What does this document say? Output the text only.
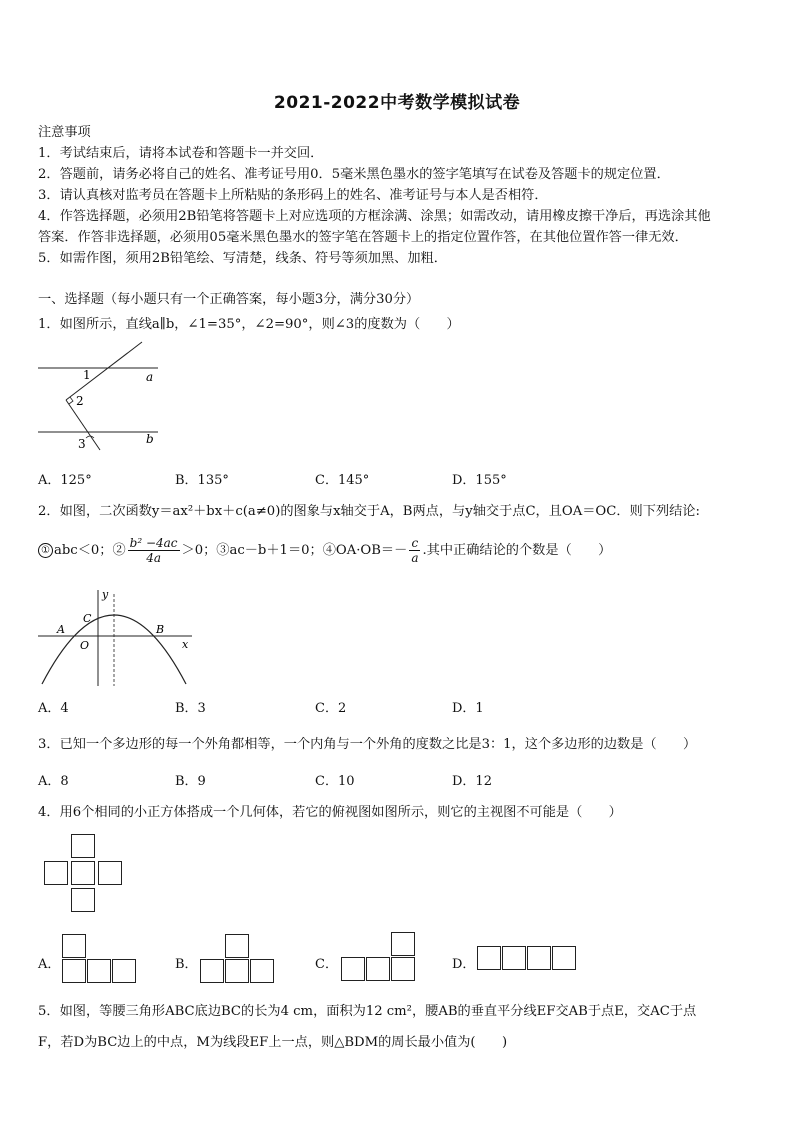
2021-2022中考数学模拟试卷
注意事项
1．考试结束后，请将本试卷和答题卡一并交回．
2．答题前，请务必将自己的姓名、准考证号用0．5毫米黑色墨水的签字笔填写在试卷及答题卡的规定位置．
3．请认真核对监考员在答题卡上所粘贴的条形码上的姓名、准考证号与本人是否相符．
4．作答选择题，必须用2B铅笔将答题卡上对应选项的方框涂满、涂黑；如需改动，请用橡皮擦干净后，再选涂其他
答案．作答非选择题，必须用05毫米黑色墨水的签字笔在答题卡上的指定位置作答，在其他位置作答一律无效．
5．如需作图，须用2B铅笔绘、写清楚，线条、符号等须加黑、加粗．
一、选择题（每小题只有一个正确答案，每小题3分，满分30分）
1．如图所示，直线a∥b，∠1=35°，∠2=90°，则∠3的度数为（　　）
1
2
3
a
b
A．125°	B．135°	C．145°	D．155°
2．如图，二次函数y＝ax²＋bx＋c(a≠0)的图象与x轴交于A，B两点，与y轴交于点C，且OA＝OC．则下列结论:
① abc＜0；② $\frac{\text{b² −4ac}}{4a} >0$；③ac－b＋1＝0；④OA·OB＝－ $\frac{c}{a}$ .其中正确结论的个数是（　　）
y
x
O
A	B
C
A．4	B．3	C．2	D．1
3．已知一个多边形的每一个外角都相等，一个内角与一个外角的度数之比是3：1，这个多边形的边数是（　　）
A．8	B．9	C．10	D．12
4．用6个相同的小正方体搭成一个几何体，若它的俯视图如图所示，则它的主视图不可能是（　　）
A．	B．	C．	D．
5．如图，等腰三角形ABC底边BC的长为4 cm，面积为12 cm²，腰AB的垂直平分线EF交AB于点E，交AC于点
F，若D为BC边上的中点，M为线段EF上一点，则△BDM的周长最小值为(　　)
